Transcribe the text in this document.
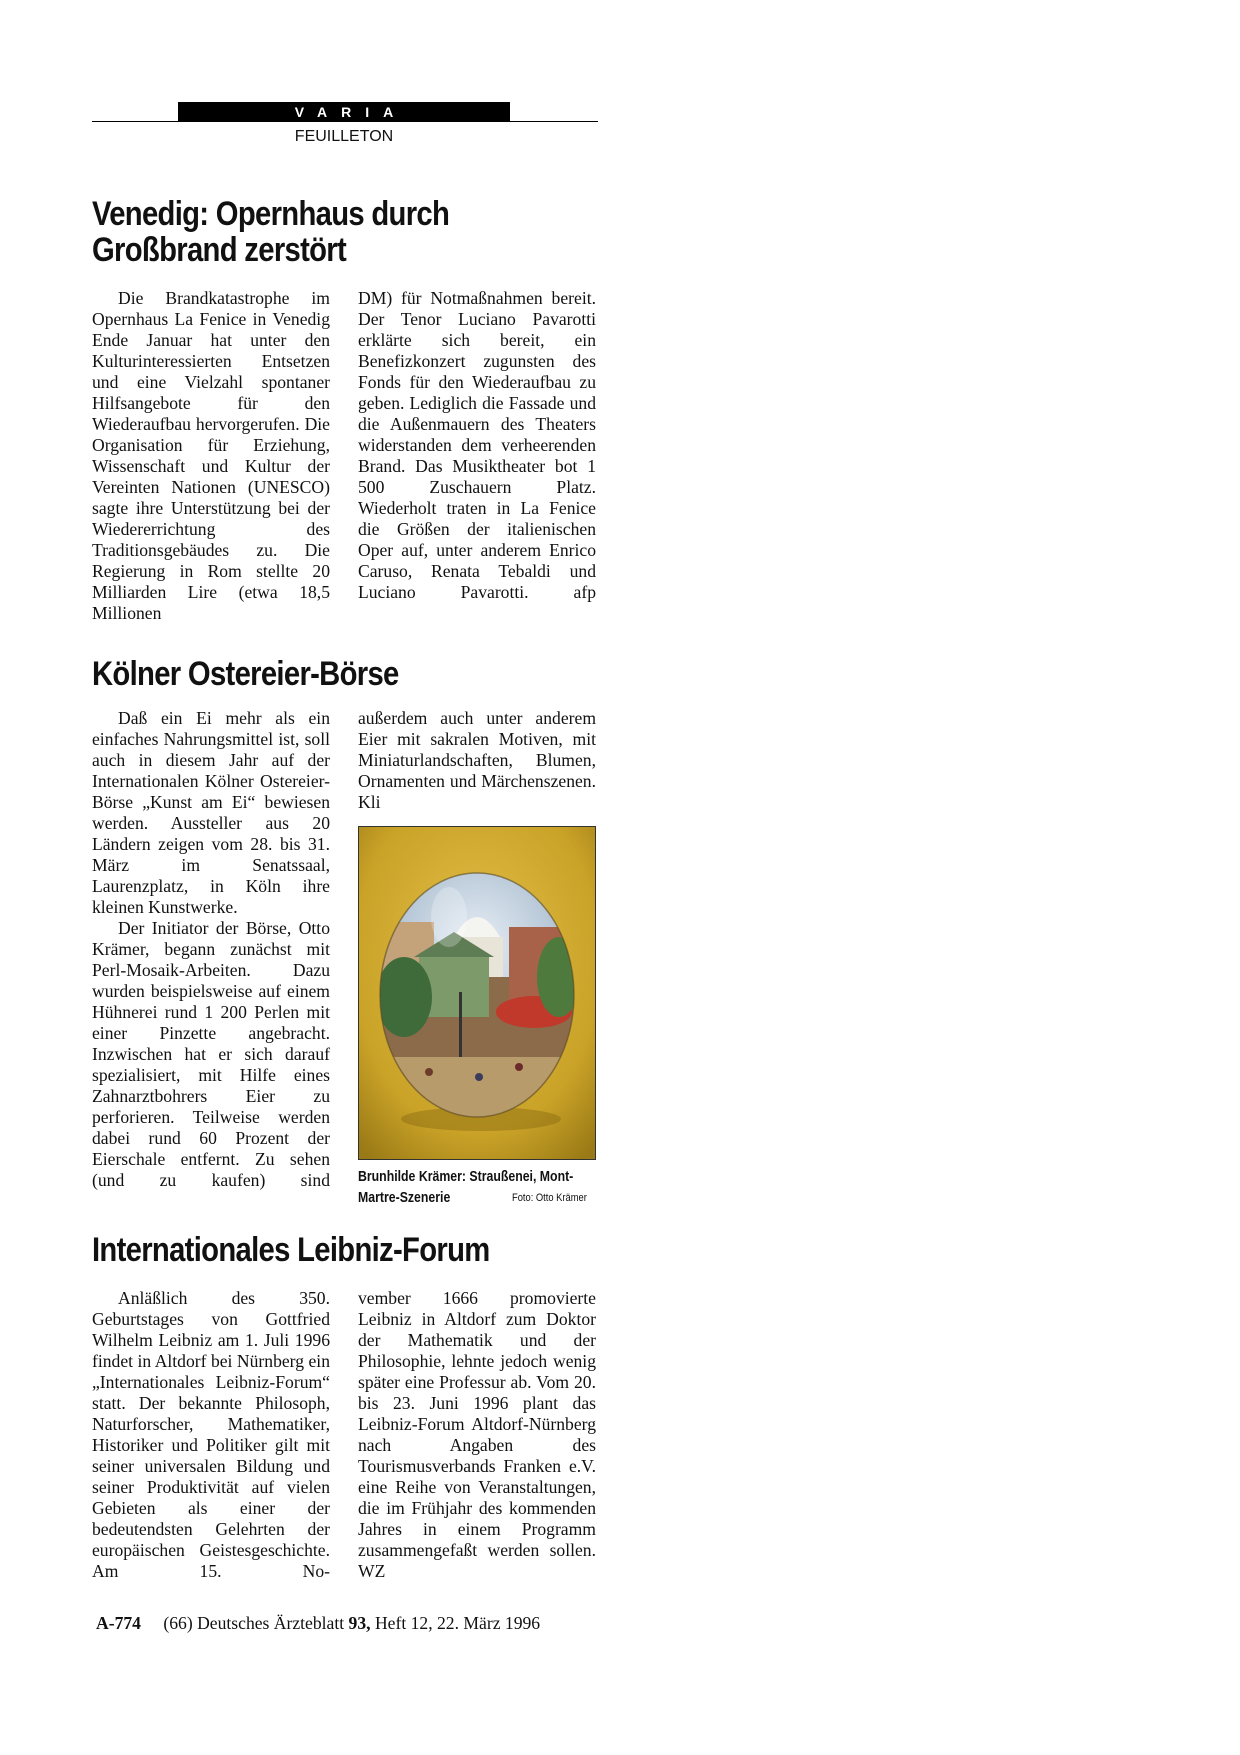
VARIA
FEUILLETON
Venedig: Opernhaus durch
Großbrand zerstört

Die Brandkatastrophe im Opernhaus La Fenice in Venedig Ende Januar hat unter den Kulturinteressierten Entsetzen und eine Vielzahl spontaner Hilfsangebote für den Wiederaufbau hervorgerufen. Die Organisation für Erziehung, Wissenschaft und Kultur der Vereinten Nationen (UNESCO) sagte ihre Unterstützung bei der Wiedererrichtung des Traditionsgebäudes zu. Die Regierung in Rom stellte 20 Milliarden Lire (etwa 18,5 Millionen

DM) für Notmaßnahmen bereit. Der Tenor Luciano Pavarotti erklärte sich bereit, ein Benefizkonzert zugunsten des Fonds für den Wiederaufbau zu geben. Lediglich die Fassade und die Außenmauern des Theaters widerstanden dem verheerenden Brand. Das Musiktheater bot 1 500 Zuschauern Platz. Wiederholt traten in La Fenice die Größen der italienischen Oper auf, unter anderem Enrico Caruso, Renata Tebaldi und Luciano Pavarotti.	afp

Kölner Ostereier-Börse

Daß ein Ei mehr als ein einfaches Nahrungsmittel ist, soll auch in diesem Jahr auf der Internationalen Kölner Ostereier-Börse „Kunst am Ei“ bewiesen werden. Aussteller aus 20 Ländern zeigen vom 28. bis 31. März im Senatssaal, Laurenzplatz, in Köln ihre kleinen Kunstwerke.

Der Initiator der Börse, Otto Krämer, begann zunächst mit Perl-Mosaik-Arbeiten. Dazu wurden beispielsweise auf einem Hühnerei rund 1 200 Perlen mit einer Pinzette angebracht. Inzwischen hat er sich darauf spezialisiert, mit Hilfe eines Zahnarztbohrers Eier zu perforieren. Teilweise werden dabei rund 60 Prozent der Eierschale entfernt. Zu sehen (und zu kaufen) sind

außerdem auch unter anderem Eier mit sakralen Motiven, mit Miniaturlandschaften, Blumen, Ornamenten und Märchenszenen. Kli

Brunhilde Krämer: Straußenei, Mont-Martre-Szenerie	Foto: Otto Krämer
Internationales Leibniz-Forum

Anläßlich des 350. Geburtstages von Gottfried Wilhelm Leibniz am 1. Juli 1996 findet in Altdorf bei Nürnberg ein „Internationales Leibniz-Forum“ statt. Der bekannte Philosoph, Naturforscher, Mathematiker, Historiker und Politiker gilt mit seiner universalen Bildung und seiner Produktivität auf vielen Gebieten als einer der bedeutendsten Gelehrten der europäischen Geistesgeschichte. Am 15. No-

vember 1666 promovierte Leibniz in Altdorf zum Doktor der Mathematik und der Philosophie, lehnte jedoch wenig später eine Professur ab. Vom 20. bis 23. Juni 1996 plant das Leibniz-Forum Altdorf-Nürnberg nach Angaben des Tourismusverbands Franken e.V. eine Reihe von Veranstaltungen, die im Frühjahr des kommenden Jahres in einem Programm zusammengefaßt werden sollen. WZ

A-774 (66) Deutsches Ärzteblatt 93, Heft 12, 22. März 1996
